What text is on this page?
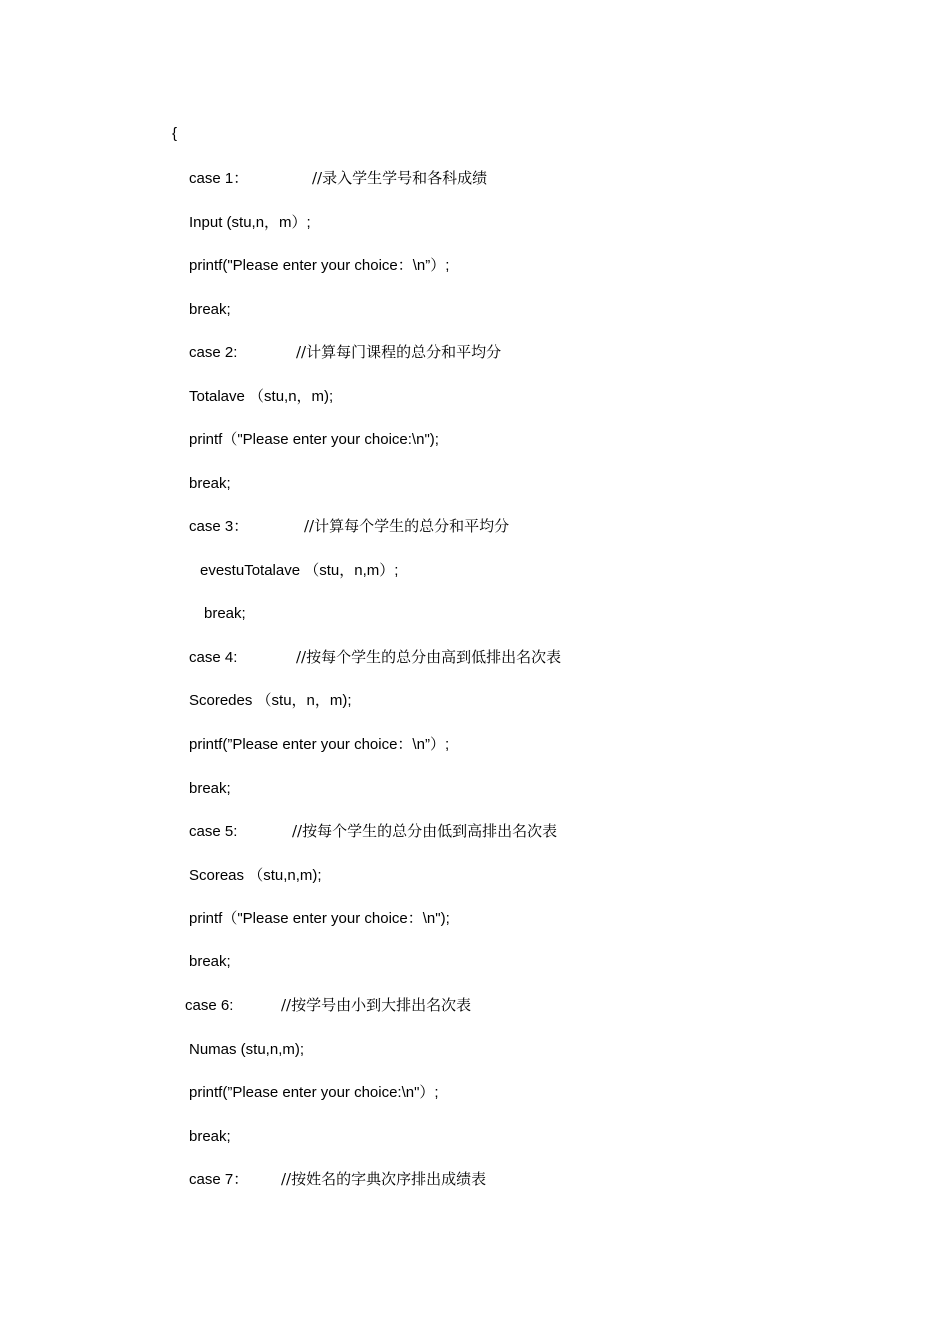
{
case 1：	//录入学生学号和各科成绩
Input (stu,n，m）;
printf("Please enter your choice：\n”）;
break;
case 2:	//计算每门课程的总分和平均分
Totalave （stu,n，m);
printf（"Please enter your choice:\n");
break;
case 3：	//计算每个学生的总分和平均分
evestuTotalave （stu，n,m）;
break;
case 4:	//按每个学生的总分由高到低排出名次表
Scoredes （stu，n，m);
printf(”Please enter your choice：\n”）;
break;
case 5:	//按每个学生的总分由低到高排出名次表
Scoreas （stu,n,m);
printf（"Please enter your choice：\n");
break;
case 6:	//按学号由小到大排出名次表
Numas (stu,n,m);
printf(”Please enter your choice:\n"）;
break;
case 7： //按姓名的字典次序排出成绩表
